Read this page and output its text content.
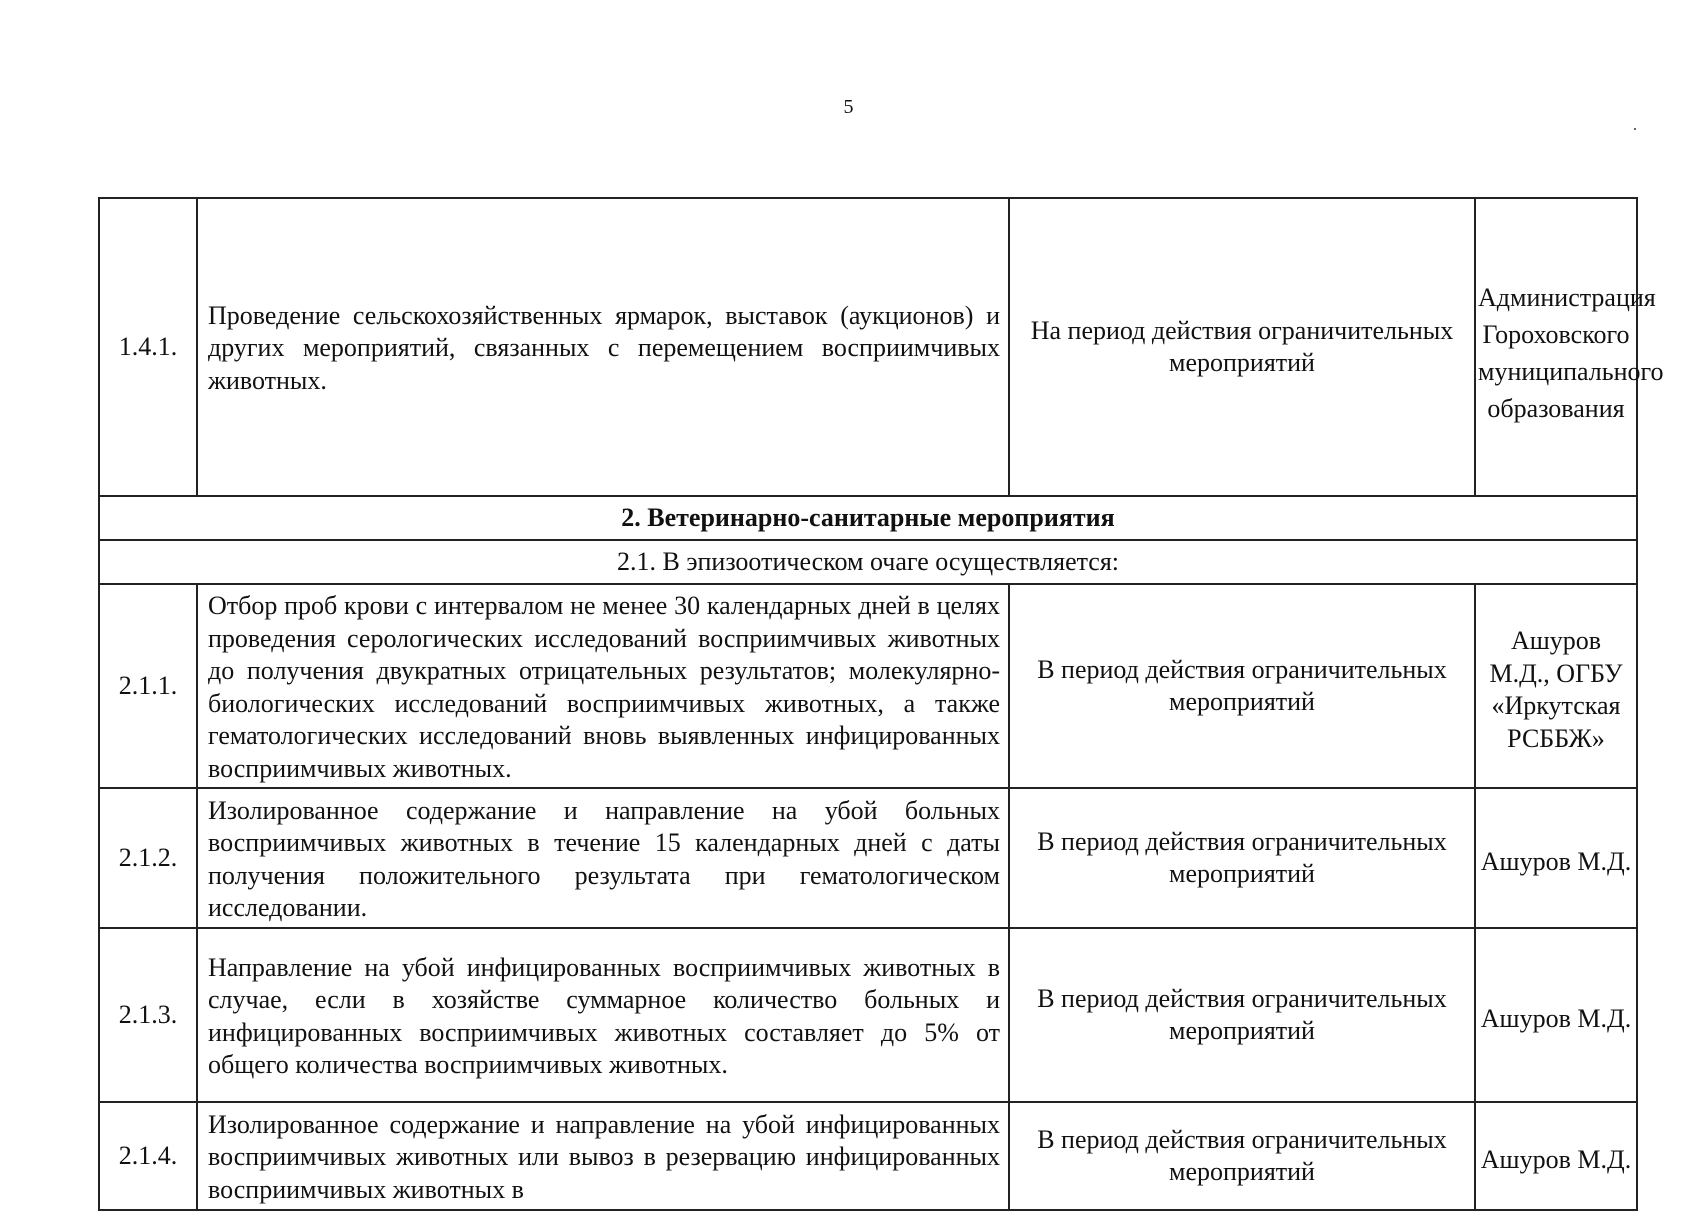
5
1.4.1.	Проведение сельскохозяйственных ярмарок, выставок (аукционов) и других мероприятий, связанных с перемещением восприимчивых животных.	На период действия ограничительных мероприятий	Администрация Гороховского муниципального образования
2. Ветеринарно-санитарные мероприятия			
2.1. В эпизоотическом очаге осуществляется:			
2.1.1.	Отбор проб крови с интервалом не менее 30 календарных дней в целях проведения серологических исследований восприимчивых животных до получения двукратных отрицательных результатов; молекулярно-биологических исследований восприимчивых животных, а также гематологических исследований вновь выявленных инфицированных восприимчивых животных.	В период действия ограничительных мероприятий	Ашуров М.Д., ОГБУ «Иркутская РСББЖ»
2.1.2.	Изолированное содержание и направление на убой больных восприимчивых животных в течение 15 календарных дней с даты получения положительного результата при гематологическом исследовании.	В период действия ограничительных мероприятий	Ашуров М.Д.
2.1.3.	Направление на убой инфицированных восприимчивых животных в случае, если в хозяйстве суммарное количество больных и инфицированных восприимчивых животных составляет до 5% от общего количества восприимчивых животных.	В период действия ограничительных мероприятий	Ашуров М.Д.
2.1.4.	Изолированное содержание и направление на убой инфицированных восприимчивых животных или вывоз в резервацию инфицированных восприимчивых животных в	В период действия ограничительных мероприятий	Ашуров М.Д.
